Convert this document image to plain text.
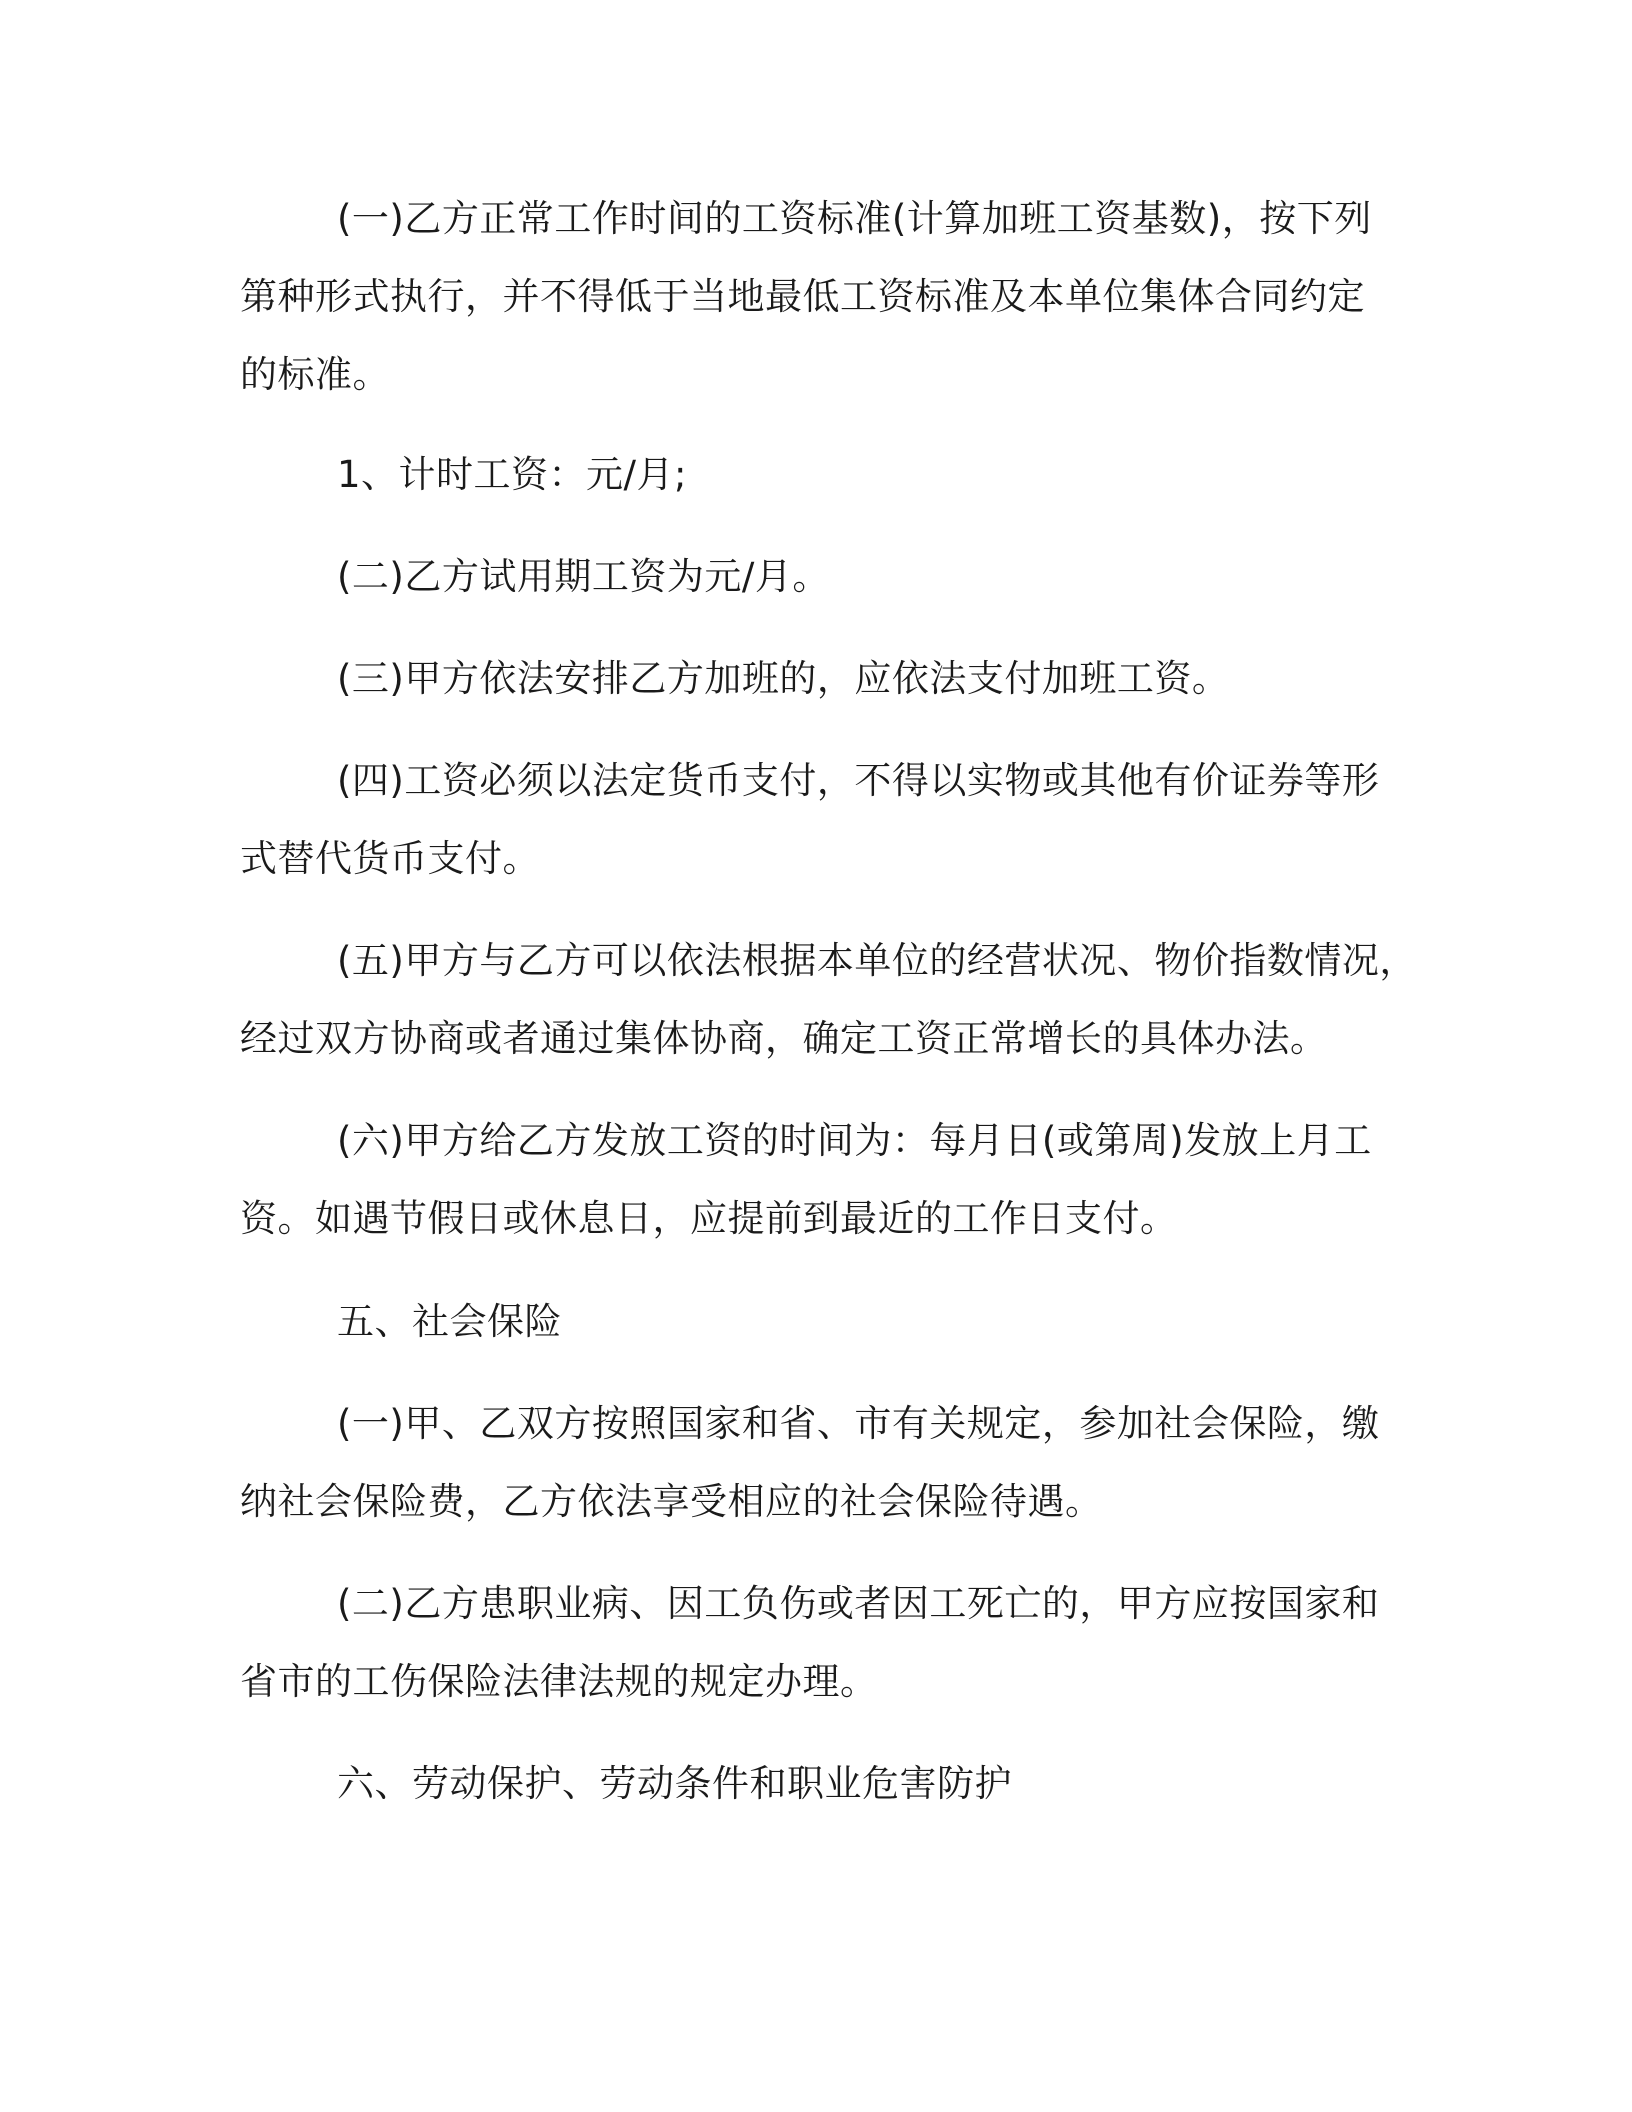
(一)乙方正常工作时间的工资标准(计算加班工资基数)，按下列
第种形式执行，并不得低于当地最低工资标准及本单位集体合同约定
的标准。

1、计时工资：元/月;

(二)乙方试用期工资为元/月。

(三)甲方依法安排乙方加班的，应依法支付加班工资。

(四)工资必须以法定货币支付，不得以实物或其他有价证券等形
式替代货币支付。

(五)甲方与乙方可以依法根据本单位的经营状况、物价指数情况，
经过双方协商或者通过集体协商，确定工资正常增长的具体办法。

(六)甲方给乙方发放工资的时间为：每月日(或第周)发放上月工
资。如遇节假日或休息日，应提前到最近的工作日支付。

五、社会保险

(一)甲、乙双方按照国家和省、市有关规定，参加社会保险，缴
纳社会保险费，乙方依法享受相应的社会保险待遇。

(二)乙方患职业病、因工负伤或者因工死亡的，甲方应按国家和
省市的工伤保险法律法规的规定办理。

六、劳动保护、劳动条件和职业危害防护
